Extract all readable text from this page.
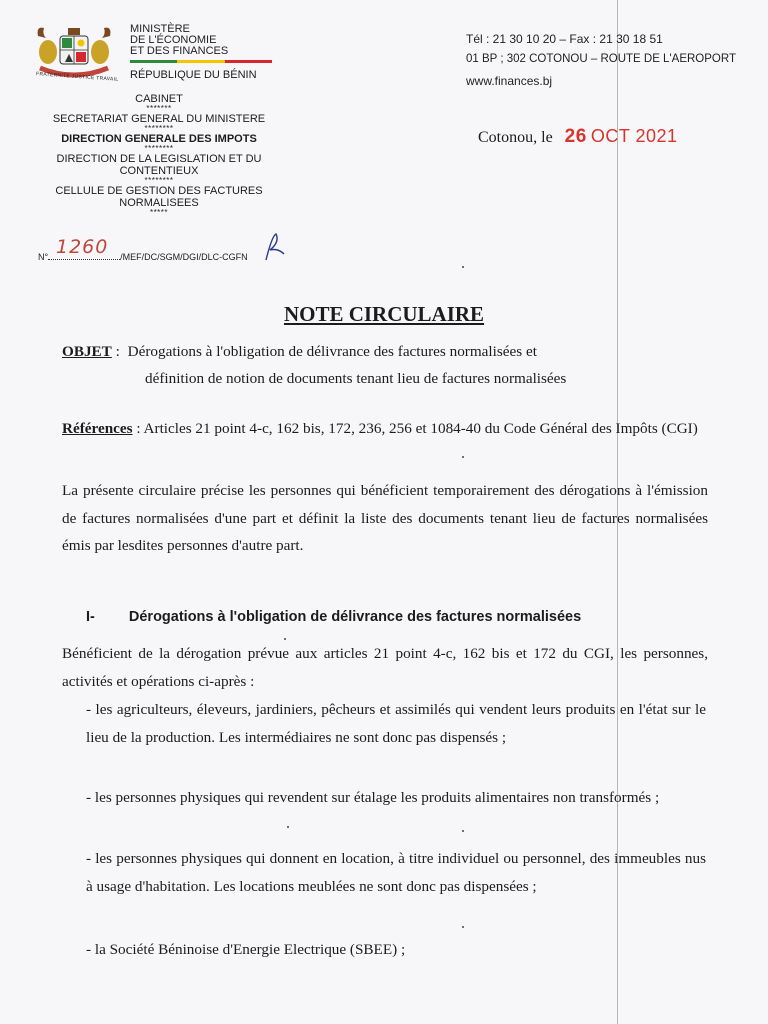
FRATERNITÉ JUSTICE TRAVAIL
MINISTÈRE
DE L'ÉCONOMIE
ET DES FINANCES
RÉPUBLIQUE DU BÉNIN
CABINET
*******
SECRETARIAT GENERAL DU MINISTERE
********
DIRECTION GENERALE DES IMPOTS
********
DIRECTION DE LA LEGISLATION ET DU CONTENTIEUX
********
CELLULE DE GESTION DES FACTURES NORMALISEES
*****
N°	/MEF/DC/SGM/DGI/DLC-CGFN
1260
Tél : 21 30 10 20 – Fax : 21 30 18 51
01 BP ; 302 COTONOU – ROUTE DE L'AEROPORT
www.finances.bj
Cotonou, le 26 OCT 2021
NOTE CIRCULAIRE
OBJET : Dérogations à l'obligation de délivrance des factures normalisées et
définition de notion de documents tenant lieu de factures normalisées
Références : Articles 21 point 4-c, 162 bis, 172, 236, 256 et 1084-40 du Code Général des Impôts (CGI)
La présente circulaire précise les personnes qui bénéficient temporairement des dérogations à l'émission de factures normalisées d'une part et définit la liste des documents tenant lieu de factures normalisées émis par lesdites personnes d'autre part.
I- Dérogations à l'obligation de délivrance des factures normalisées
Bénéficient de la dérogation prévue aux articles 21 point 4-c, 162 bis et 172 du CGI, les personnes, activités et opérations ci-après :
- les agriculteurs, éleveurs, jardiniers, pêcheurs et assimilés qui vendent leurs produits en l'état sur le lieu de la production. Les intermédiaires ne sont donc pas dispensés ;
- les personnes physiques qui revendent sur étalage les produits alimentaires non transformés ;
- les personnes physiques qui donnent en location, à titre individuel ou personnel, des immeubles nus à usage d'habitation. Les locations meublées ne sont donc pas dispensées ;
- la Société Béninoise d'Energie Electrique (SBEE) ;
